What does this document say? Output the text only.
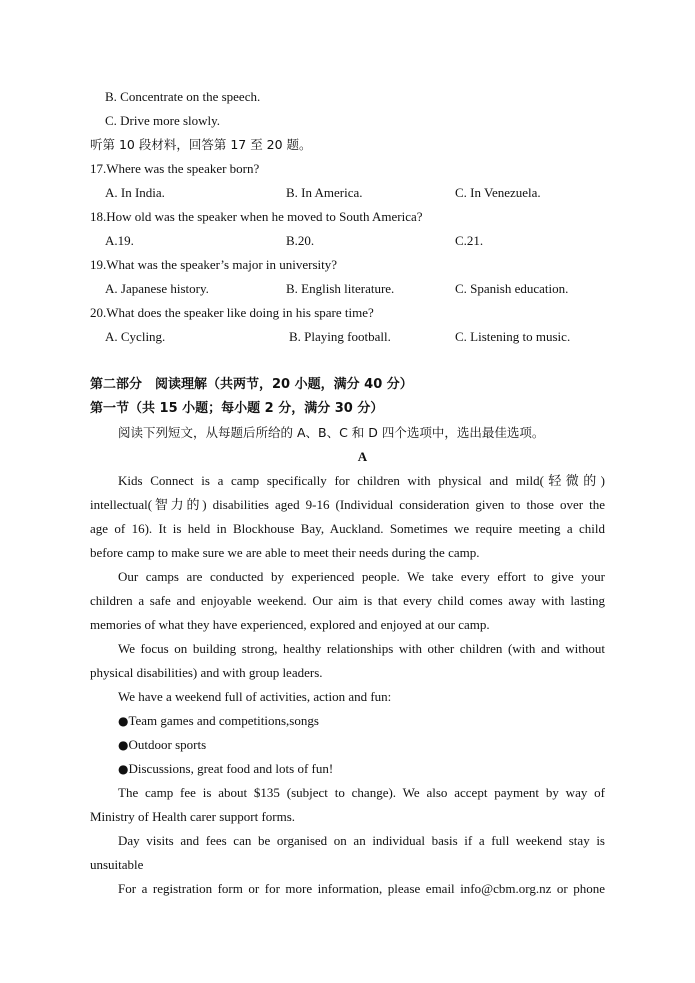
B. Concentrate on the speech.
C. Drive more slowly.
听第 10 段材料，回答第 17 至 20 题。
17.Where was the speaker born?
A. In India.	B. In America.	C. In Venezuela.
18.How old was the speaker when he moved to South America?
A.19.	B.20.	C.21.
19.What was the speaker’s major in university?
A. Japanese history.	B. English literature.	C. Spanish education.
20.What does the speaker like doing in his spare time?
A. Cycling.	B. Playing football.	C. Listening to music.
第二部分　阅读理解（共两节，20 小题，满分 40 分）
第一节（共 15 小题；每小题 2 分，满分 30 分）
阅读下列短文，从每题后所给的 A、B、C 和 D 四个选项中，选出最佳选项。
A
Kids Connect is a camp specifically for children with physical and mild(轻微的)
intellectual(智力的) disabilities aged 9-16 (Individual consideration given to those over the
age of 16). It is held in Blockhouse Bay, Auckland. Sometimes we require meeting a child
before camp to make sure we are able to meet their needs during the camp.
Our camps are conducted by experienced people. We take every effort to give your
children a safe and enjoyable weekend. Our aim is that every child comes away with lasting
memories of what they have experienced, explored and enjoyed at our camp.
We focus on building strong, healthy relationships with other children (with and without
physical disabilities) and with group leaders.
We have a weekend full of activities, action and fun:
●Team games and competitions,songs
●Outdoor sports
●Discussions, great food and lots of fun!
The camp fee is about $135 (subject to change). We also accept payment by way of
Ministry of Health carer support forms.
Day visits and fees can be organised on an individual basis if a full weekend stay is
unsuitable
For a registration form or for more information, please email info@cbm.org.nz or phone
